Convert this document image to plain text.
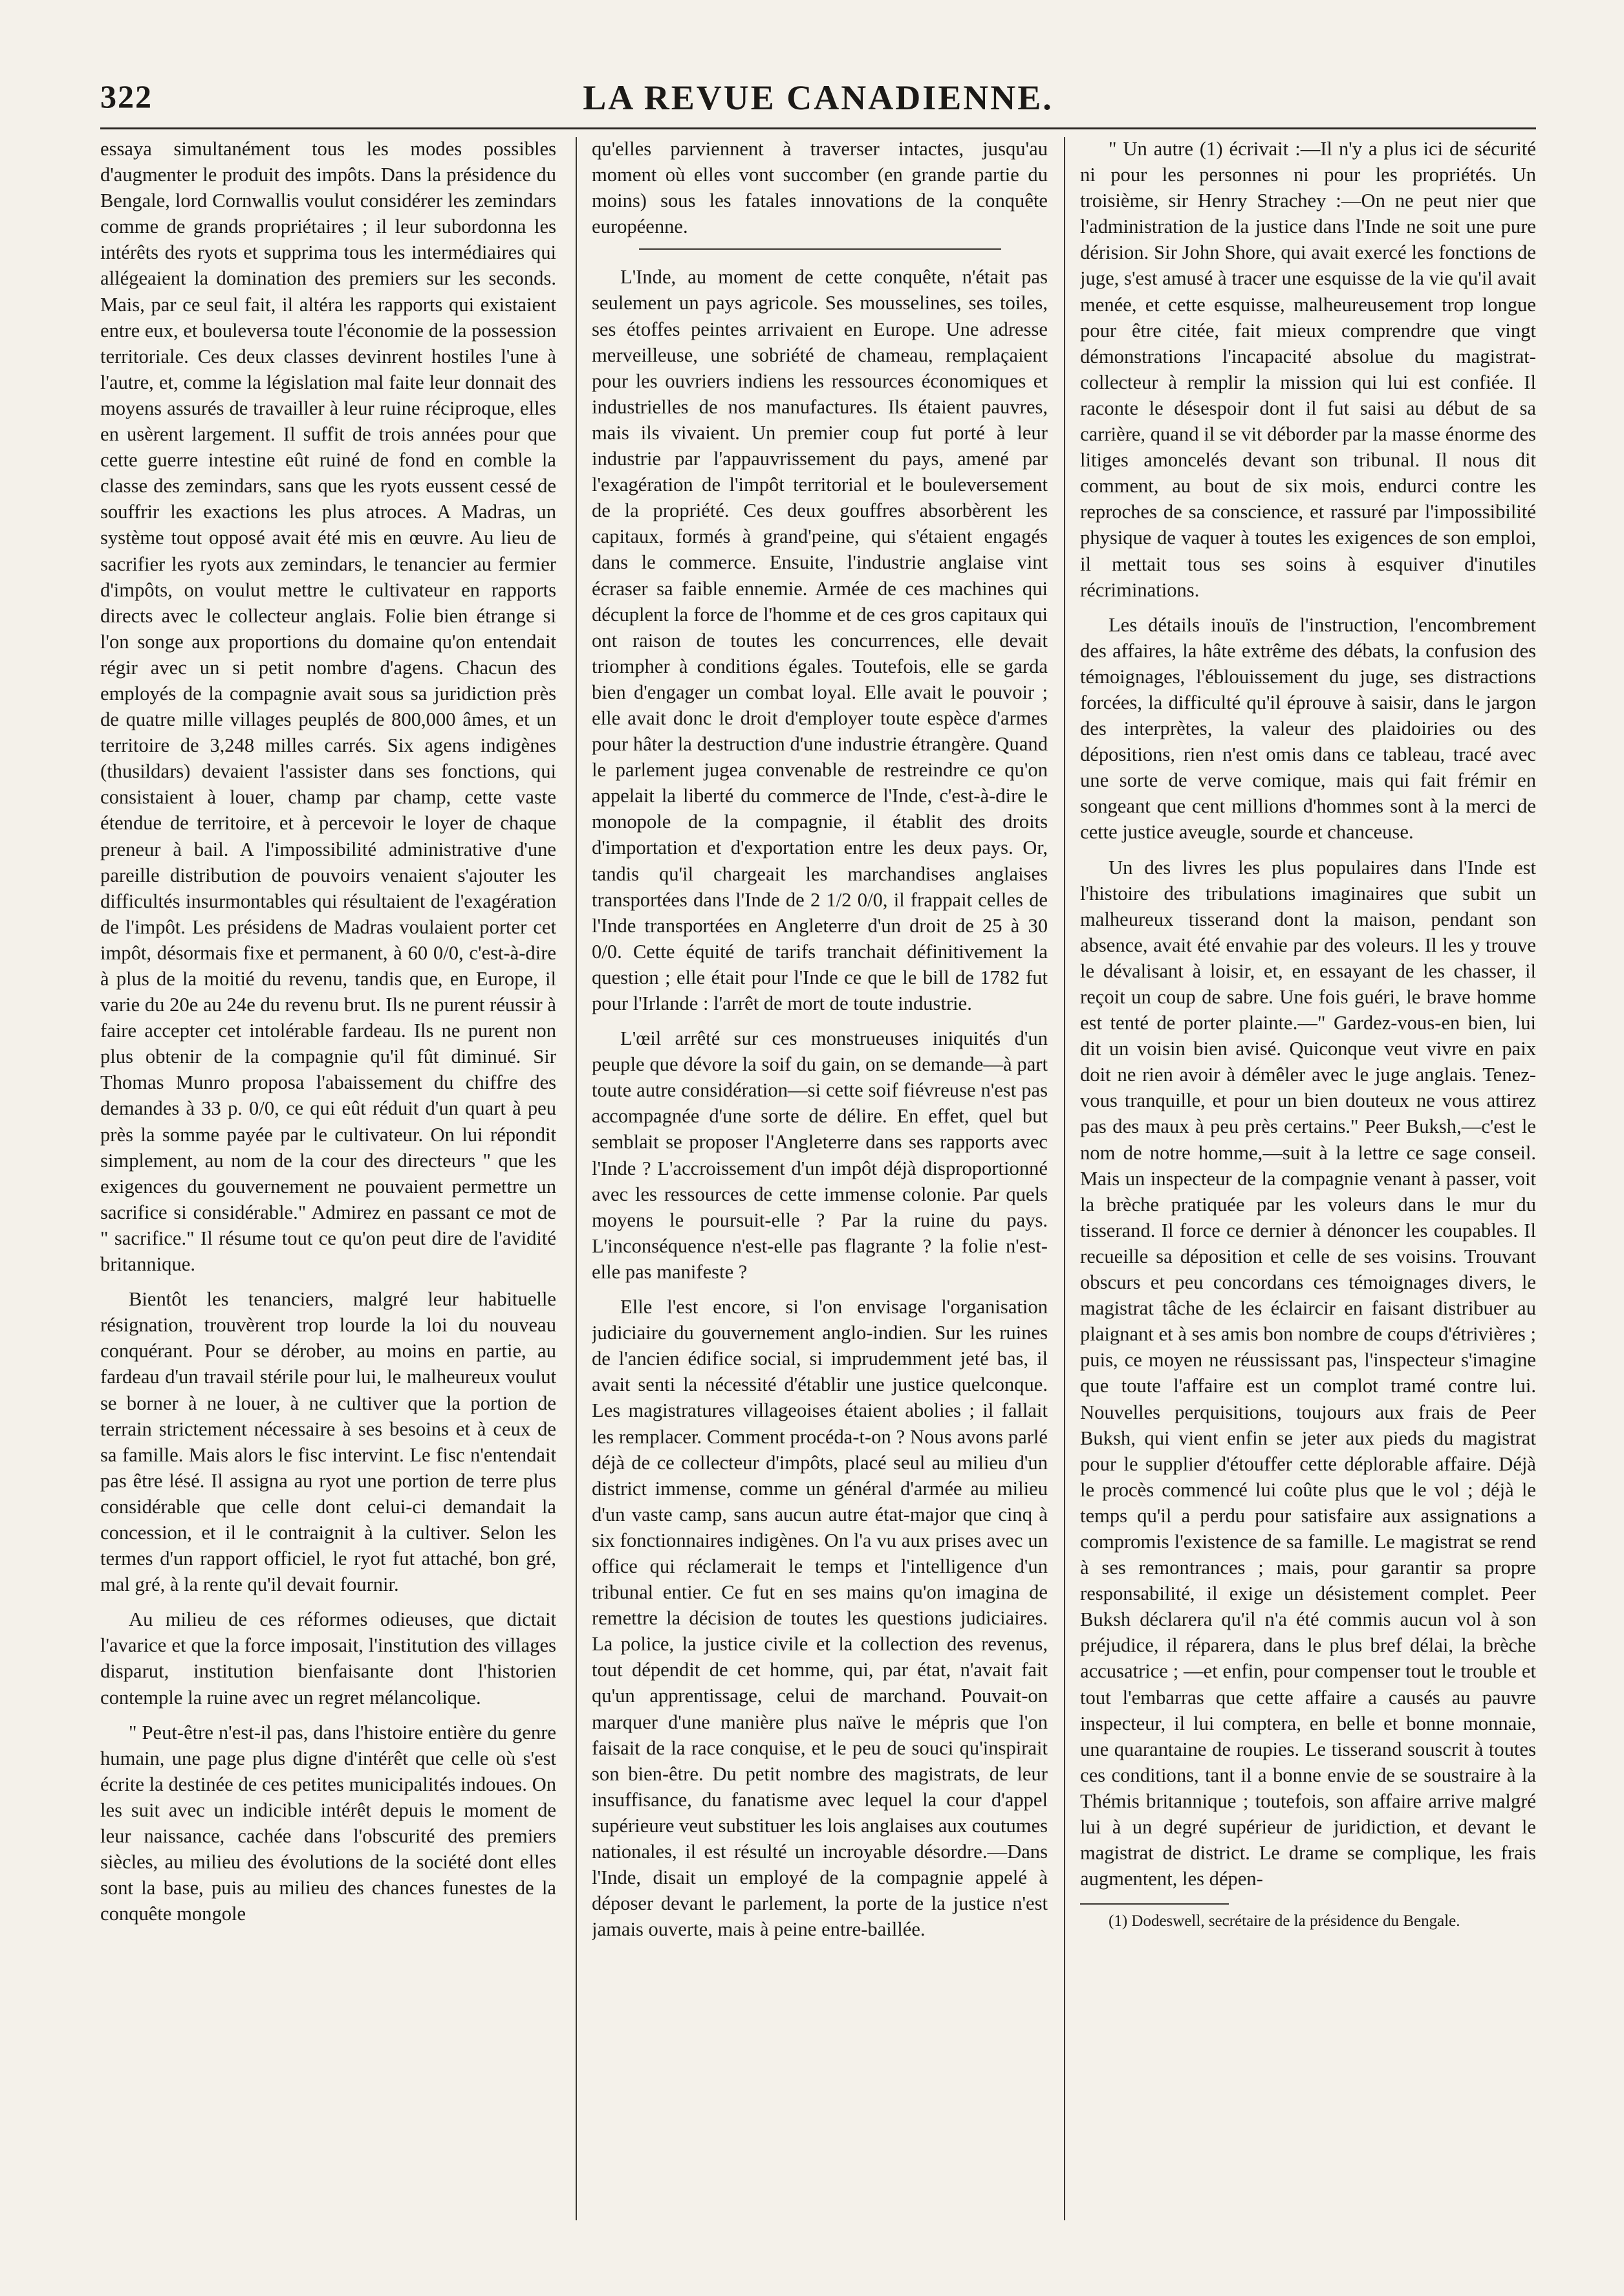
322	LA REVUE CANADIENNE.

essaya simultanément tous les modes possibles d'augmenter le produit des impôts. Dans la présidence du Bengale, lord Cornwallis voulut considérer les zemindars comme de grands propriétaires ; il leur subordonna les intérêts des ryots et supprima tous les intermédiaires qui allégeaient la domination des premiers sur les seconds. Mais, par ce seul fait, il altéra les rapports qui existaient entre eux, et bouleversa toute l'économie de la possession territoriale. Ces deux classes devinrent hostiles l'une à l'autre, et, comme la législation mal faite leur donnait des moyens assurés de travailler à leur ruine réciproque, elles en usèrent largement. Il suffit de trois années pour que cette guerre intestine eût ruiné de fond en comble la classe des zemindars, sans que les ryots eussent cessé de souffrir les exactions les plus atroces. A Madras, un système tout opposé avait été mis en œuvre. Au lieu de sacrifier les ryots aux zemindars, le tenancier au fermier d'impôts, on voulut mettre le cultivateur en rapports directs avec le collecteur anglais. Folie bien étrange si l'on songe aux proportions du domaine qu'on entendait régir avec un si petit nombre d'agens. Chacun des employés de la compagnie avait sous sa juridiction près de quatre mille villages peuplés de 800,000 âmes, et un territoire de 3,248 milles carrés. Six agens indigènes (thusildars) devaient l'assister dans ses fonctions, qui consistaient à louer, champ par champ, cette vaste étendue de territoire, et à percevoir le loyer de chaque preneur à bail. A l'impossibilité administrative d'une pareille distribution de pouvoirs venaient s'ajouter les difficultés insurmontables qui résultaient de l'exagération de l'impôt. Les présidens de Madras voulaient porter cet impôt, désormais fixe et permanent, à 60 0/0, c'est-à-dire à plus de la moitié du revenu, tandis que, en Europe, il varie du 20e au 24e du revenu brut. Ils ne purent réussir à faire accepter cet intolérable fardeau. Ils ne purent non plus obtenir de la compagnie qu'il fût diminué. Sir Thomas Munro proposa l'abaissement du chiffre des demandes à 33 p. 0/0, ce qui eût réduit d'un quart à peu près la somme payée par le cultivateur. On lui répondit simplement, au nom de la cour des directeurs " que les exigences du gouvernement ne pouvaient permettre un sacrifice si considérable." Admirez en passant ce mot de " sacrifice." Il résume tout ce qu'on peut dire de l'avidité britannique.

Bientôt les tenanciers, malgré leur habituelle résignation, trouvèrent trop lourde la loi du nouveau conquérant. Pour se dérober, au moins en partie, au fardeau d'un travail stérile pour lui, le malheureux voulut se borner à ne louer, à ne cultiver que la portion de terrain strictement nécessaire à ses besoins et à ceux de sa famille. Mais alors le fisc intervint. Le fisc n'entendait pas être lésé. Il assigna au ryot une portion de terre plus considérable que celle dont celui-ci demandait la concession, et il le contraignit à la cultiver. Selon les termes d'un rapport officiel, le ryot fut attaché, bon gré, mal gré, à la rente qu'il devait fournir.

Au milieu de ces réformes odieuses, que dictait l'avarice et que la force imposait, l'institution des villages disparut, institution bienfaisante dont l'historien contemple la ruine avec un regret mélancolique.

" Peut-être n'est-il pas, dans l'histoire entière du genre humain, une page plus digne d'intérêt que celle où s'est écrite la destinée de ces petites municipalités indoues. On les suit avec un indicible intérêt depuis le moment de leur naissance, cachée dans l'obscurité des premiers siècles, au milieu des évolutions de la société dont elles sont la base, puis au milieu des chances funestes de la conquête mongole

qu'elles parviennent à traverser intactes, jusqu'au moment où elles vont succomber (en grande partie du moins) sous les fatales innovations de la conquête européenne.

L'Inde, au moment de cette conquête, n'était pas seulement un pays agricole. Ses mousselines, ses toiles, ses étoffes peintes arrivaient en Europe. Une adresse merveilleuse, une sobriété de chameau, remplaçaient pour les ouvriers indiens les ressources économiques et industrielles de nos manufactures. Ils étaient pauvres, mais ils vivaient. Un premier coup fut porté à leur industrie par l'appauvrissement du pays, amené par l'exagération de l'impôt territorial et le bouleversement de la propriété. Ces deux gouffres absorbèrent les capitaux, formés à grand'peine, qui s'étaient engagés dans le commerce. Ensuite, l'industrie anglaise vint écraser sa faible ennemie. Armée de ces machines qui décuplent la force de l'homme et de ces gros capitaux qui ont raison de toutes les concurrences, elle devait triompher à conditions égales. Toutefois, elle se garda bien d'engager un combat loyal. Elle avait le pouvoir ; elle avait donc le droit d'employer toute espèce d'armes pour hâter la destruction d'une industrie étrangère. Quand le parlement jugea convenable de restreindre ce qu'on appelait la liberté du commerce de l'Inde, c'est-à-dire le monopole de la compagnie, il établit des droits d'importation et d'exportation entre les deux pays. Or, tandis qu'il chargeait les marchandises anglaises transportées dans l'Inde de 2 1/2 0/0, il frappait celles de l'Inde transportées en Angleterre d'un droit de 25 à 30 0/0. Cette équité de tarifs tranchait définitivement la question ; elle était pour l'Inde ce que le bill de 1782 fut pour l'Irlande : l'arrêt de mort de toute industrie.

L'œil arrêté sur ces monstrueuses iniquités d'un peuple que dévore la soif du gain, on se demande—à part toute autre considération—si cette soif fiévreuse n'est pas accompagnée d'une sorte de délire. En effet, quel but semblait se proposer l'Angleterre dans ses rapports avec l'Inde ? L'accroissement d'un impôt déjà disproportionné avec les ressources de cette immense colonie. Par quels moyens le poursuit-elle ? Par la ruine du pays. L'inconséquence n'est-elle pas flagrante ? la folie n'est-elle pas manifeste ?

Elle l'est encore, si l'on envisage l'organisation judiciaire du gouvernement anglo-indien. Sur les ruines de l'ancien édifice social, si imprudemment jeté bas, il avait senti la nécessité d'établir une justice quelconque. Les magistratures villageoises étaient abolies ; il fallait les remplacer. Comment procéda-t-on ? Nous avons parlé déjà de ce collecteur d'impôts, placé seul au milieu d'un district immense, comme un général d'armée au milieu d'un vaste camp, sans aucun autre état-major que cinq à six fonctionnaires indigènes. On l'a vu aux prises avec un office qui réclamerait le temps et l'intelligence d'un tribunal entier. Ce fut en ses mains qu'on imagina de remettre la décision de toutes les questions judiciaires. La police, la justice civile et la collection des revenus, tout dépendit de cet homme, qui, par état, n'avait fait qu'un apprentissage, celui de marchand. Pouvait-on marquer d'une manière plus naïve le mépris que l'on faisait de la race conquise, et le peu de souci qu'inspirait son bien-être. Du petit nombre des magistrats, de leur insuffisance, du fanatisme avec lequel la cour d'appel supérieure veut substituer les lois anglaises aux coutumes nationales, il est résulté un incroyable désordre.—Dans l'Inde, disait un employé de la compagnie appelé à déposer devant le parlement, la porte de la justice n'est jamais ouverte, mais à peine entre-baillée.

" Un autre (1) écrivait :—Il n'y a plus ici de sécurité ni pour les personnes ni pour les propriétés. Un troisième, sir Henry Strachey :—On ne peut nier que l'administration de la justice dans l'Inde ne soit une pure dérision. Sir John Shore, qui avait exercé les fonctions de juge, s'est amusé à tracer une esquisse de la vie qu'il avait menée, et cette esquisse, malheureusement trop longue pour être citée, fait mieux comprendre que vingt démonstrations l'incapacité absolue du magistrat-collecteur à remplir la mission qui lui est confiée. Il raconte le désespoir dont il fut saisi au début de sa carrière, quand il se vit déborder par la masse énorme des litiges amoncelés devant son tribunal. Il nous dit comment, au bout de six mois, endurci contre les reproches de sa conscience, et rassuré par l'impossibilité physique de vaquer à toutes les exigences de son emploi, il mettait tous ses soins à esquiver d'inutiles récriminations.

Les détails inouïs de l'instruction, l'encombrement des affaires, la hâte extrême des débats, la confusion des témoignages, l'éblouissement du juge, ses distractions forcées, la difficulté qu'il éprouve à saisir, dans le jargon des interprètes, la valeur des plaidoiries ou des dépositions, rien n'est omis dans ce tableau, tracé avec une sorte de verve comique, mais qui fait frémir en songeant que cent millions d'hommes sont à la merci de cette justice aveugle, sourde et chanceuse.

Un des livres les plus populaires dans l'Inde est l'histoire des tribulations imaginaires que subit un malheureux tisserand dont la maison, pendant son absence, avait été envahie par des voleurs. Il les y trouve le dévalisant à loisir, et, en essayant de les chasser, il reçoit un coup de sabre. Une fois guéri, le brave homme est tenté de porter plainte.—" Gardez-vous-en bien, lui dit un voisin bien avisé. Quiconque veut vivre en paix doit ne rien avoir à démêler avec le juge anglais. Tenez-vous tranquille, et pour un bien douteux ne vous attirez pas des maux à peu près certains." Peer Buksh,—c'est le nom de notre homme,—suit à la lettre ce sage conseil. Mais un inspecteur de la compagnie venant à passer, voit la brèche pratiquée par les voleurs dans le mur du tisserand. Il force ce dernier à dénoncer les coupables. Il recueille sa déposition et celle de ses voisins. Trouvant obscurs et peu concordans ces témoignages divers, le magistrat tâche de les éclaircir en faisant distribuer au plaignant et à ses amis bon nombre de coups d'étrivières ; puis, ce moyen ne réussissant pas, l'inspecteur s'imagine que toute l'affaire est un complot tramé contre lui. Nouvelles perquisitions, toujours aux frais de Peer Buksh, qui vient enfin se jeter aux pieds du magistrat pour le supplier d'étouffer cette déplorable affaire. Déjà le procès commencé lui coûte plus que le vol ; déjà le temps qu'il a perdu pour satisfaire aux assignations a compromis l'existence de sa famille. Le magistrat se rend à ses remontrances ; mais, pour garantir sa propre responsabilité, il exige un désistement complet. Peer Buksh déclarera qu'il n'a été commis aucun vol à son préjudice, il réparera, dans le plus bref délai, la brèche accusatrice ; —et enfin, pour compenser tout le trouble et tout l'embarras que cette affaire a causés au pauvre inspecteur, il lui comptera, en belle et bonne monnaie, une quarantaine de roupies. Le tisserand souscrit à toutes ces conditions, tant il a bonne envie de se soustraire à la Thémis britannique ; toutefois, son affaire arrive malgré lui à un degré supérieur de juridiction, et devant le magistrat de district. Le drame se complique, les frais augmentent, les dépen-

(1) Dodeswell, secrétaire de la présidence du Bengale.
